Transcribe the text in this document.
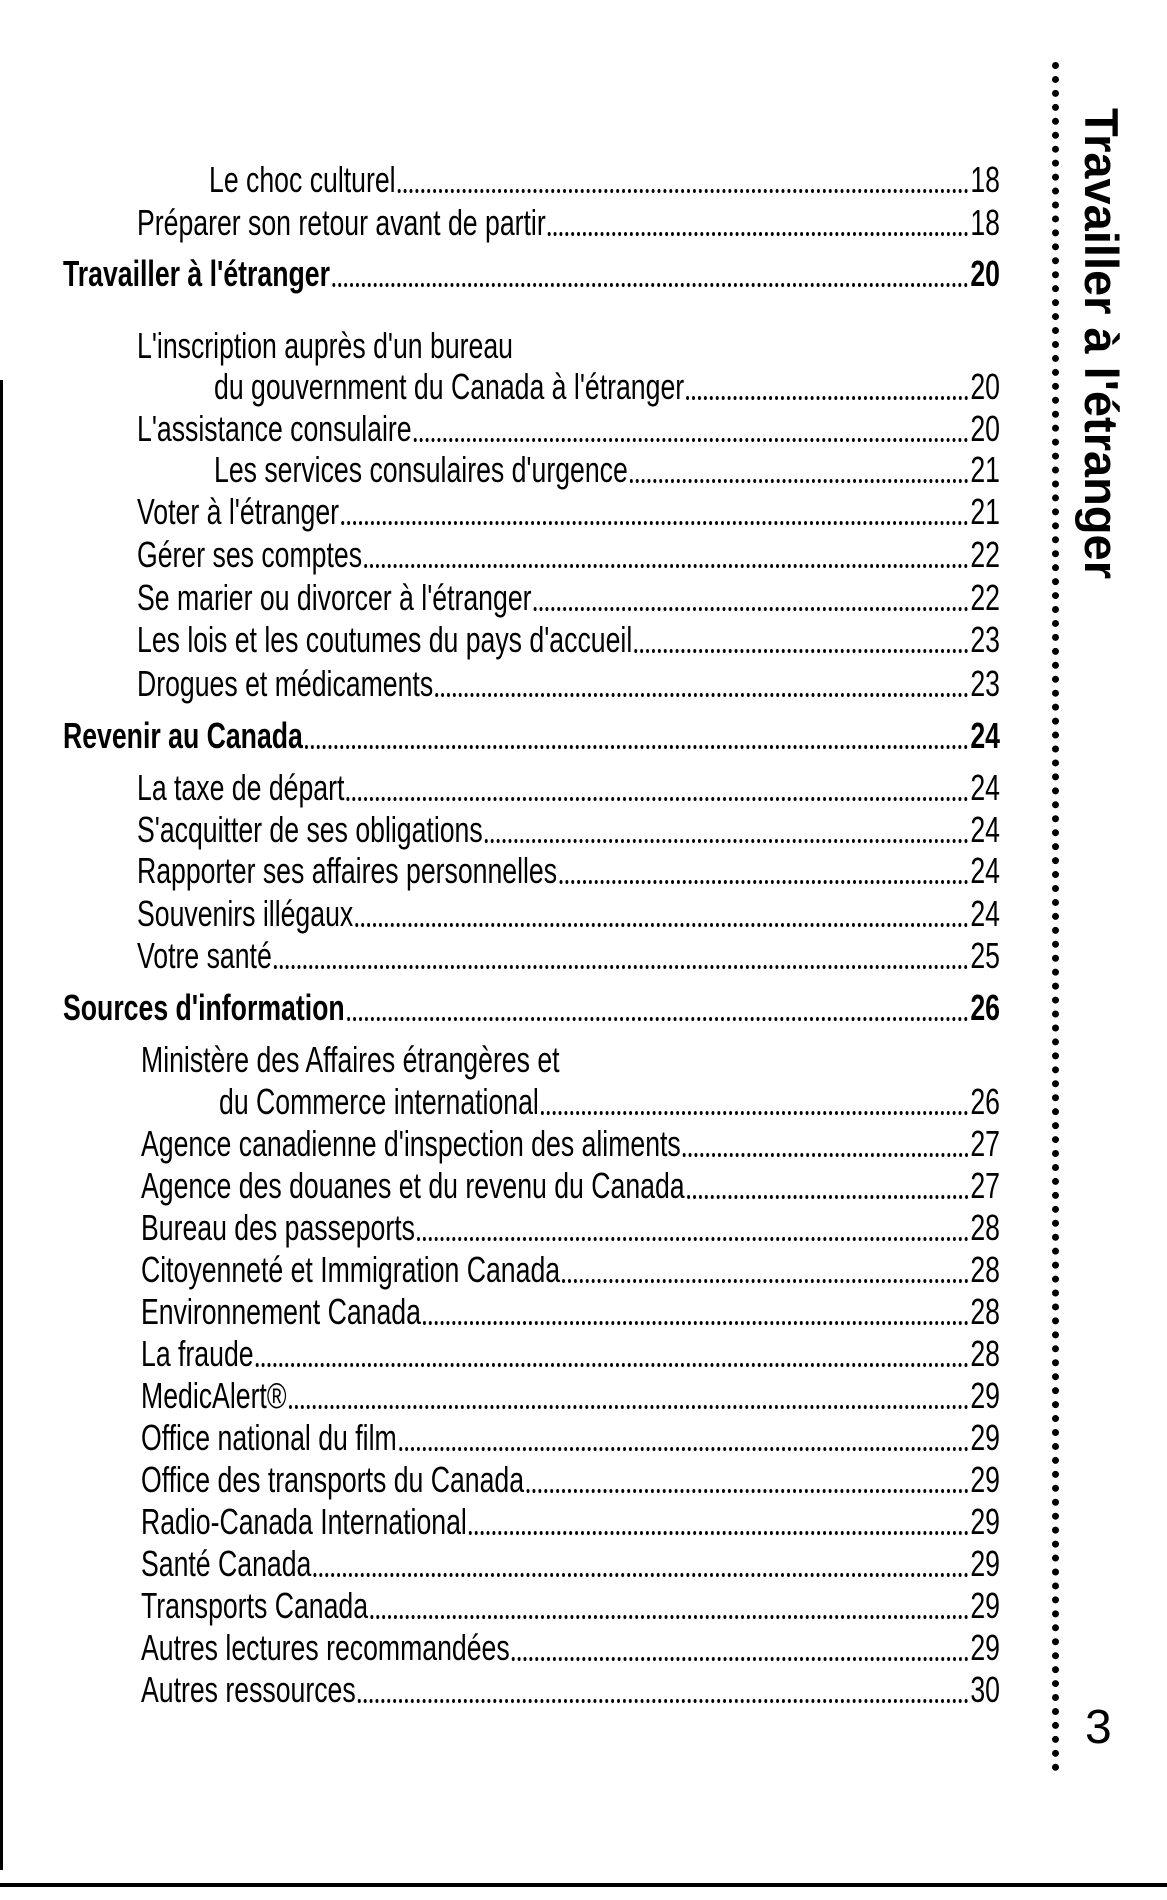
Le choc culturel	18
Préparer son retour avant de partir	18
Travailler à l'étranger	20
L'inscription auprès d'un bureau
du gouvernment du Canada à l'étranger	20
L'assistance consulaire	20
Les services consulaires d'urgence	21
Voter à l'étranger	21
Gérer ses comptes	22
Se marier ou divorcer à l'étranger	22
Les lois et les coutumes du pays d'accueil	23
Drogues et médicaments	23
Revenir au Canada	24
La taxe de départ	24
S'acquitter de ses obligations	24
Rapporter ses affaires personnelles	24
Souvenirs illégaux	24
Votre santé	25
Sources d'information	26
Ministère des Affaires étrangères et
du Commerce international	26
Agence canadienne d'inspection des aliments	27
Agence des douanes et du revenu du Canada	27
Bureau des passeports	28
Citoyenneté et Immigration Canada	28
Environnement Canada	28
La fraude	28
MedicAlert®	29
Office national du film	29
Office des transports du Canada	29
Radio-Canada International	29
Santé Canada	29
Transports Canada	29
Autres lectures recommandées	29
Autres ressources	30
Travailler à l'étranger
3
